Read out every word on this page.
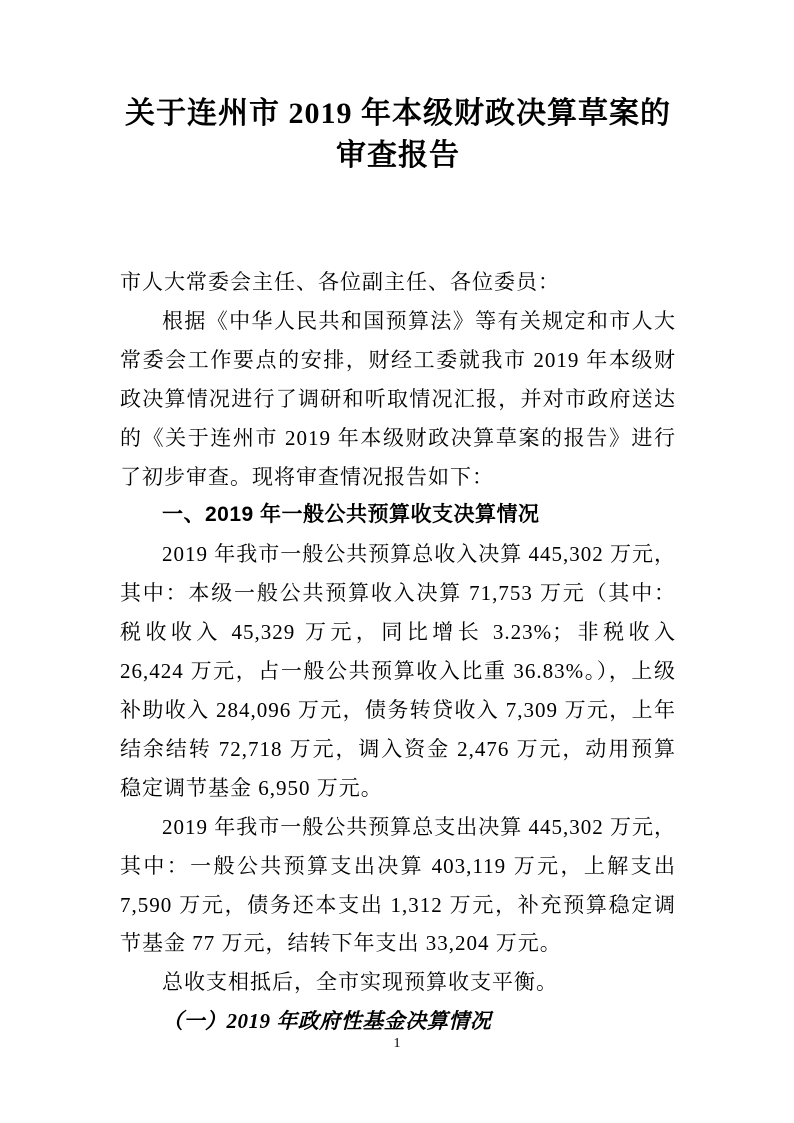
关于连州市 2019 年本级财政决算草案的
审查报告

市人大常委会主任、各位副主任、各位委员：

根据《中华人民共和国预算法》等有关规定和市人大常委会工作要点的安排，财经工委就我市 2019 年本级财政决算情况进行了调研和听取情况汇报，并对市政府送达的《关于连州市 2019 年本级财政决算草案的报告》进行了初步审查。现将审查情况报告如下：

一、2019 年一般公共预算收支决算情况

2019 年我市一般公共预算总收入决算 445,302 万元，其中：本级一般公共预算收入决算 71,753 万元（其中：税收收入 45,329 万元，同比增长 3.23%；非税收入 26,424 万元，占一般公共预算收入比重 36.83%。），上级补助收入 284,096 万元，债务转贷收入 7,309 万元，上年结余结转 72,718 万元，调入资金 2,476 万元，动用预算稳定调节基金 6,950 万元。

2019 年我市一般公共预算总支出决算 445,302 万元，其中：一般公共预算支出决算 403,119 万元，上解支出 7,590 万元，债务还本支出 1,312 万元，补充预算稳定调节基金 77 万元，结转下年支出 33,204 万元。

总收支相抵后，全市实现预算收支平衡。

（一）2019 年政府性基金决算情况

1
